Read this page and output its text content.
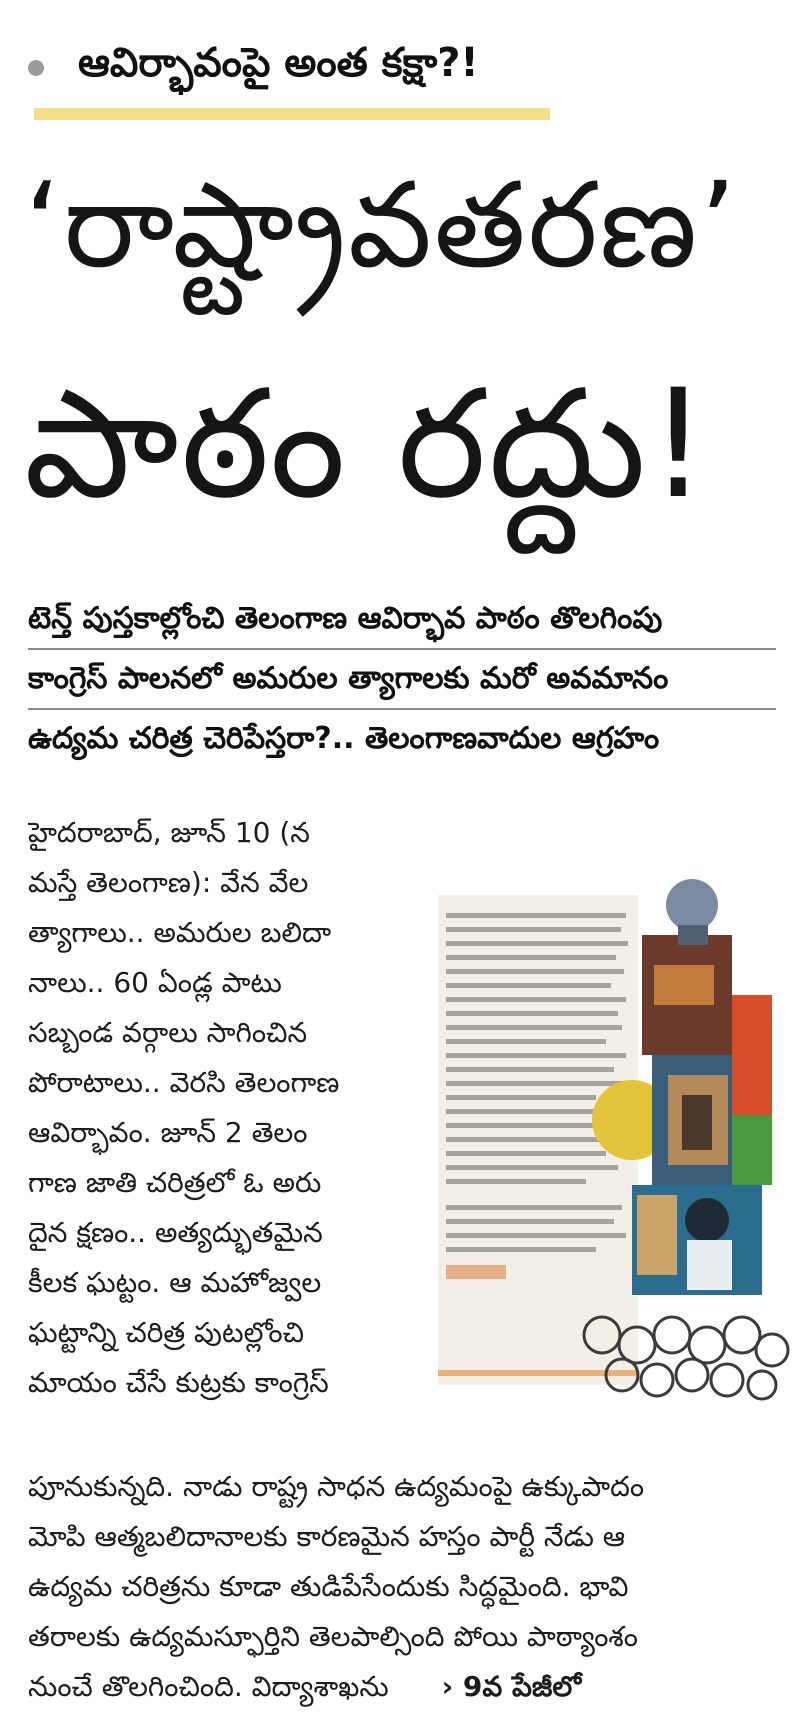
ఆవిర్భావంపై అంత కక్షా?!
‘రాష్ట్రావతరణ’
పాఠం రద్దు!
టెన్త్ పుస్తకాల్లోంచి తెలంగాణ ఆవిర్భావ పాఠం తొలగింపు
కాంగ్రెస్ పాలనలో అమరుల త్యాగాలకు మరో అవమానం
ఉద్యమ చరిత్ర చెరిపేస్తరా?.. తెలంగాణవాదుల ఆగ్రహం
హైదరాబాద్, జూన్ 10 (న
మస్తే తెలంగాణ): వేన వేల
త్యాగాలు.. అమరుల బలిదా
నాలు.. 60 ఏండ్ల పాటు
సబ్బండ వర్గాలు సాగించిన
పోరాటాలు.. వెరసి తెలంగాణ
ఆవిర్భావం. జూన్ 2 తెలం
గాణ జాతి చరిత్రలో ఓ అరు
దైన క్షణం.. అత్యద్భుతమైన
కీలక ఘట్టం. ఆ మహోజ్వల
ఘట్టాన్ని చరిత్ర పుటల్లోంచి
మాయం చేసే కుట్రకు కాంగ్రెస్
పూనుకున్నది. నాడు రాష్ట్ర సాధన ఉద్యమంపై ఉక్కుపాదం
మోపి ఆత్మబలిదానాలకు కారణమైన హస్తం పార్టీ నేడు ఆ
ఉద్యమ చరిత్రను కూడా తుడిపేసేందుకు సిద్ధమైంది. భావి
తరాలకు ఉద్యమస్ఫూర్తిని తెలపాల్సింది పోయి పాఠ్యాంశం
నుంచే తొలగించింది. విద్యాశాఖను › 9వ పేజీలో
